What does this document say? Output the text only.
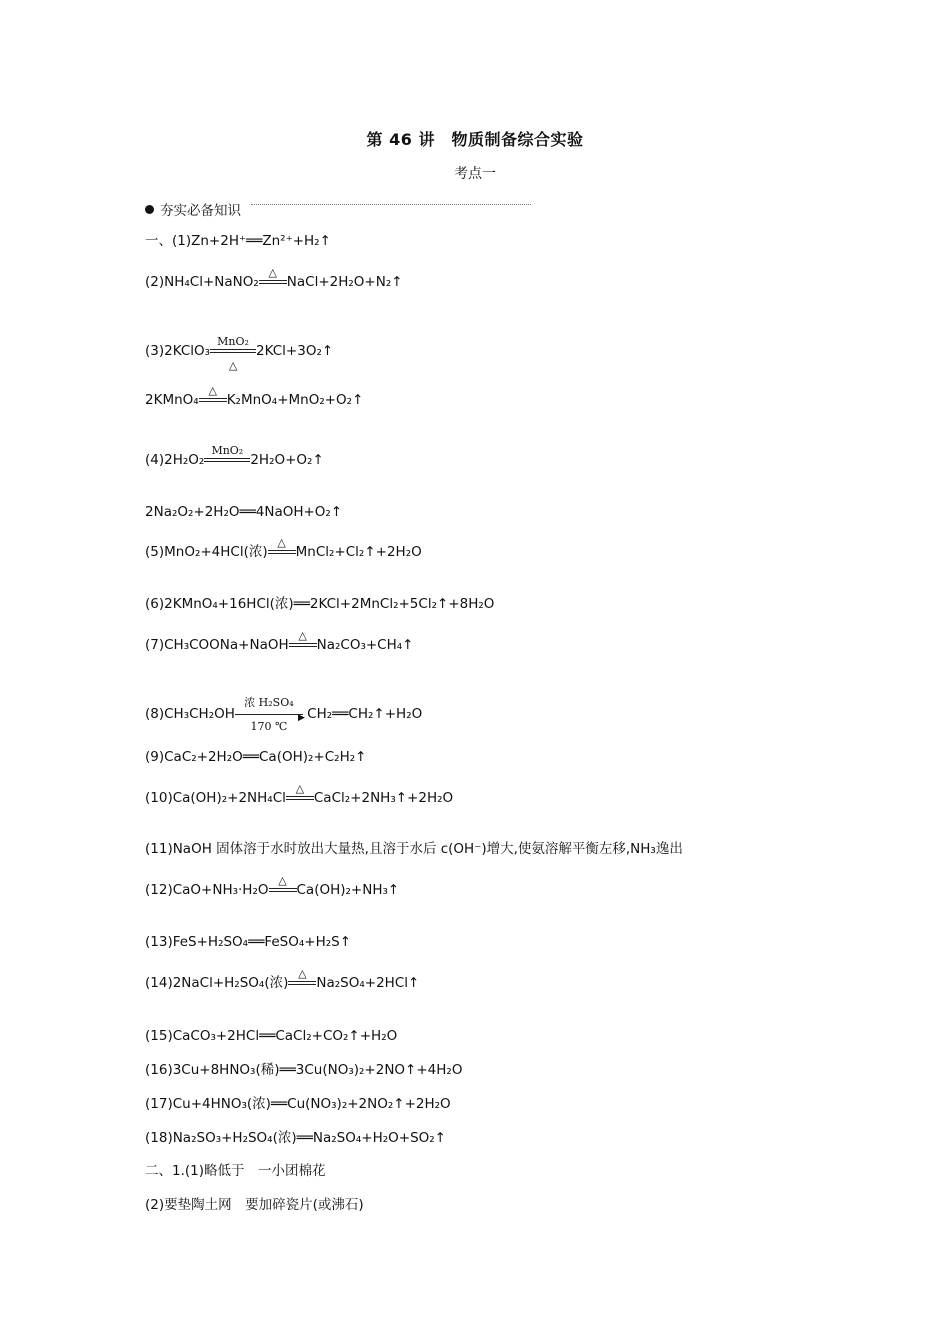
第 46 讲　物质制备综合实验
考点一
夯实必备知识
一、(1)Zn+2H⁺══Zn²⁺+H₂↑
(2)NH₄Cl+NaNO₂
△
NaCl+2H₂O+N₂↑
(3)2KClO₃
MnO₂
△
2KCl+3O₂↑
2KMnO₄
△
K₂MnO₄+MnO₂+O₂↑
(4)2H₂O₂
MnO₂
2H₂O+O₂↑
2Na₂O₂+2H₂O══4NaOH+O₂↑
(5)MnO₂+4HCl(浓)
△
MnCl₂+Cl₂↑+2H₂O
(6)2KMnO₄+16HCl(浓)══2KCl+2MnCl₂+5Cl₂↑+8H₂O
(7)CH₃COONa+NaOH
△
Na₂CO₃+CH₄↑
(8)CH₃CH₂OH	▶
浓 H₂SO₄
170 ℃
CH₂══CH₂↑+H₂O
(9)CaC₂+2H₂O══Ca(OH)₂+C₂H₂↑
(10)Ca(OH)₂+2NH₄Cl
△
CaCl₂+2NH₃↑+2H₂O
(11)NaOH 固体溶于水时放出大量热,且溶于水后 c(OH⁻)增大,使氨溶解平衡左移,NH₃逸出
(12)CaO+NH₃·H₂O
△
Ca(OH)₂+NH₃↑
(13)FeS+H₂SO₄══FeSO₄+H₂S↑
(14)2NaCl+H₂SO₄(浓)
△
Na₂SO₄+2HCl↑
(15)CaCO₃+2HCl══CaCl₂+CO₂↑+H₂O
(16)3Cu+8HNO₃(稀)══3Cu(NO₃)₂+2NO↑+4H₂O
(17)Cu+4HNO₃(浓)══Cu(NO₃)₂+2NO₂↑+2H₂O
(18)Na₂SO₃+H₂SO₄(浓)══Na₂SO₄+H₂O+SO₂↑
二、1.(1)略低于　一小团棉花
(2)要垫陶土网　要加碎瓷片(或沸石)
